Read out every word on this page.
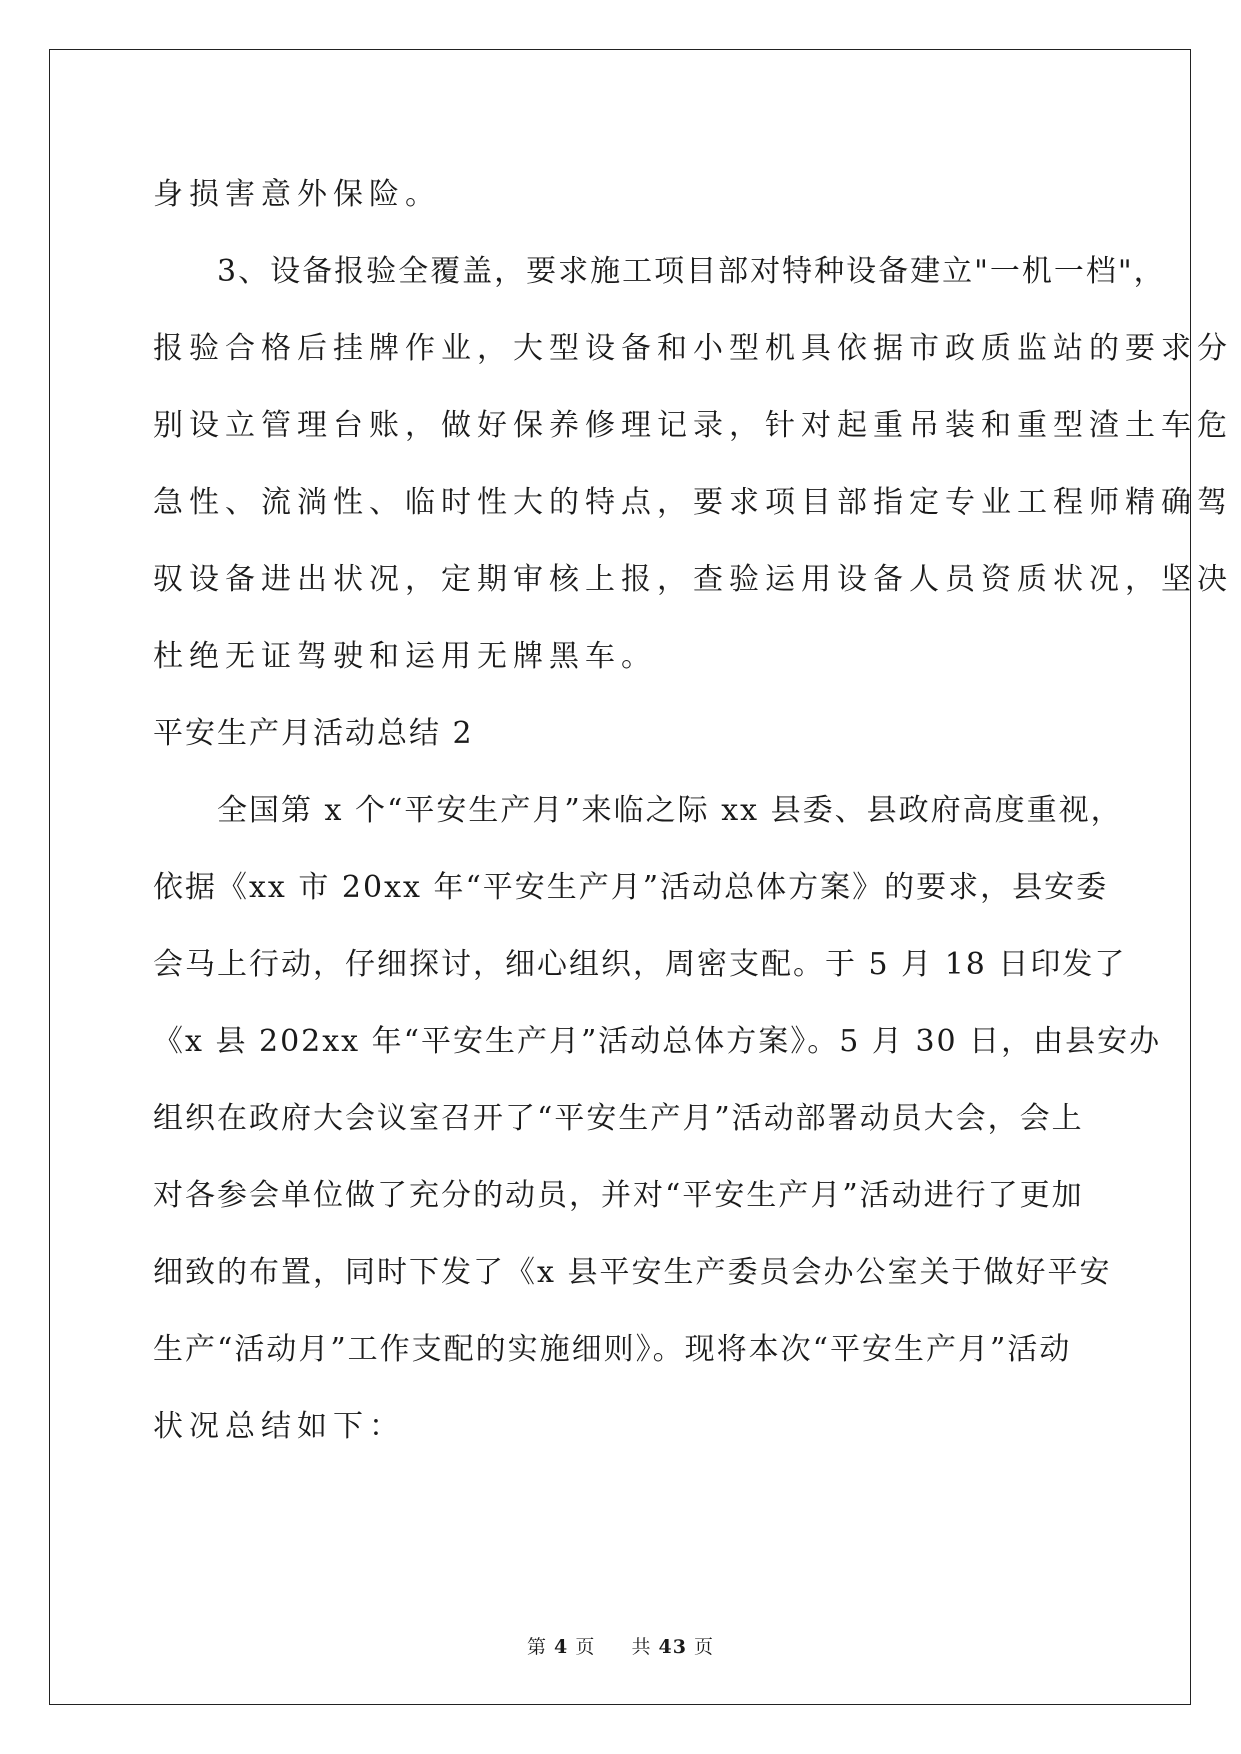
身损害意外保险。
　　3、设备报验全覆盖，要求施工项目部对特种设备建立"一机一档"，
报验合格后挂牌作业，大型设备和小型机具依据市政质监站的要求分
别设立管理台账，做好保养修理记录，针对起重吊装和重型渣土车危
急性、流淌性、临时性大的特点，要求项目部指定专业工程师精确驾
驭设备进出状况，定期审核上报，查验运用设备人员资质状况，坚决
杜绝无证驾驶和运用无牌黑车。
平安生产月活动总结 2
　　全国第 x 个“平安生产月”来临之际 xx 县委、县政府高度重视，
依据《xx 市 20xx 年“平安生产月”活动总体方案》的要求，县安委
会马上行动，仔细探讨，细心组织，周密支配。于 5 月 18 日印发了
《x 县 202xx 年“平安生产月”活动总体方案》。5 月 30 日，由县安办
组织在政府大会议室召开了“平安生产月”活动部署动员大会，会上
对各参会单位做了充分的动员，并对“平安生产月”活动进行了更加
细致的布置，同时下发了《x 县平安生产委员会办公室关于做好平安
生产“活动月”工作支配的实施细则》。现将本次“平安生产月”活动
状况总结如下：
第 4 页 共 43 页
